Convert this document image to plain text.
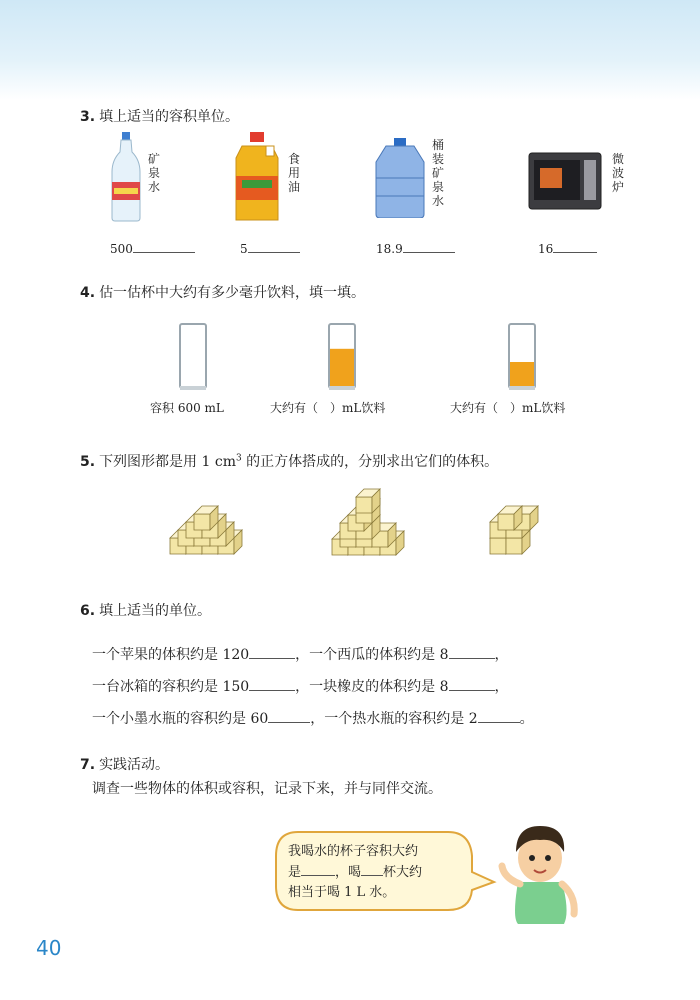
3. 填上适当的容积单位。
矿泉水
食用油
桶装矿泉水
微波炉
500	5	18.9	16
4. 估一估杯中大约有多少毫升饮料，填一填。
容积 600 mL	大约有（　）mL饮料	大约有（　）mL饮料
5. 下列图形都是用 1 $cm^3$ 的正方体搭成的，分别求出它们的体积。
6. 填上适当的单位。
一个苹果的体积约是 120	，一个西瓜的体积约是 8	，
一台冰箱的容积约是 150	，一块橡皮的体积约是 8	，
一个小墨水瓶的容积约是 60	，一个热水瓶的容积约是 2	。
7. 实践活动。
调查一些物体的体积或容积，记录下来，并与同伴交流。
我喝水的杯子容积大约
是	，喝 杯大约
相当于喝 1 L 水。
40
